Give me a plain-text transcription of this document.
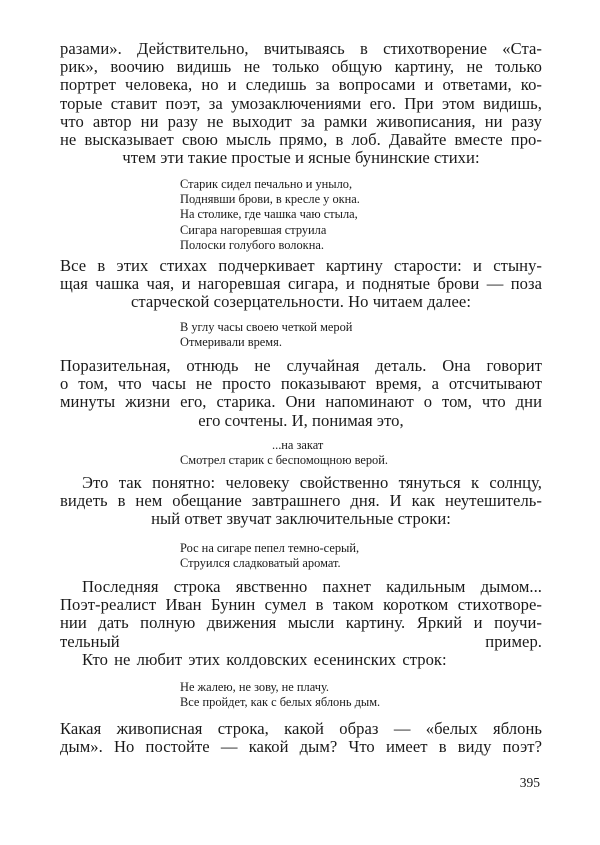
разами». Действительно, вчитываясь в стихотворение «Ста-
рик», воочию видишь не только общую картину, не только
портрет человека, но и следишь за вопросами и ответами, ко-
торые ставит поэт, за умозаключениями его. При этом видишь,
что автор ни разу не выходит за рамки живописания, ни разу
не высказывает свою мысль прямо, в лоб. Давайте вместе про-
чтем эти такие простые и ясные бунинские стихи:
Старик сидел печально и уныло,
Поднявши брови, в кресле у окна.
На столике, где чашка чаю стыла,
Сигара нагоревшая струила
Полоски голубого волокна.
Все в этих стихах подчеркивает картину старости: и стыну-
щая чашка чая, и нагоревшая сигара, и поднятые брови — поза
старческой созерцательности. Но читаем далее:
В углу часы своею четкой мерой
Отмеривали время.
Поразительная, отнюдь не случайная деталь. Она говорит
о том, что часы не просто показывают время, а отсчитывают
минуты жизни его, старика. Они напоминают о том, что дни
его сочтены. И, понимая это,
...на закат
Смотрел старик с беспомощною верой.
Это так понятно: человеку свойственно тянуться к солнцу,
видеть в нем обещание завтрашнего дня. И как неутешитель-
ный ответ звучат заключительные строки:
Рос на сигаре пепел темно-серый,
Струился сладковатый аромат.
Последняя строка явственно пахнет кадильным дымом...
Поэт-реалист Иван Бунин сумел в таком коротком стихотворе-
нии дать полную движения мысли картину. Яркий и поучи-
тельный пример.
Кто не любит этих колдовских есенинских строк:
Не жалею, не зову, не плачу.
Все пройдет, как с белых яблонь дым.
Какая живописная строка, какой образ — «белых яблонь
дым». Но постойте — какой дым? Что имеет в виду поэт?

395
